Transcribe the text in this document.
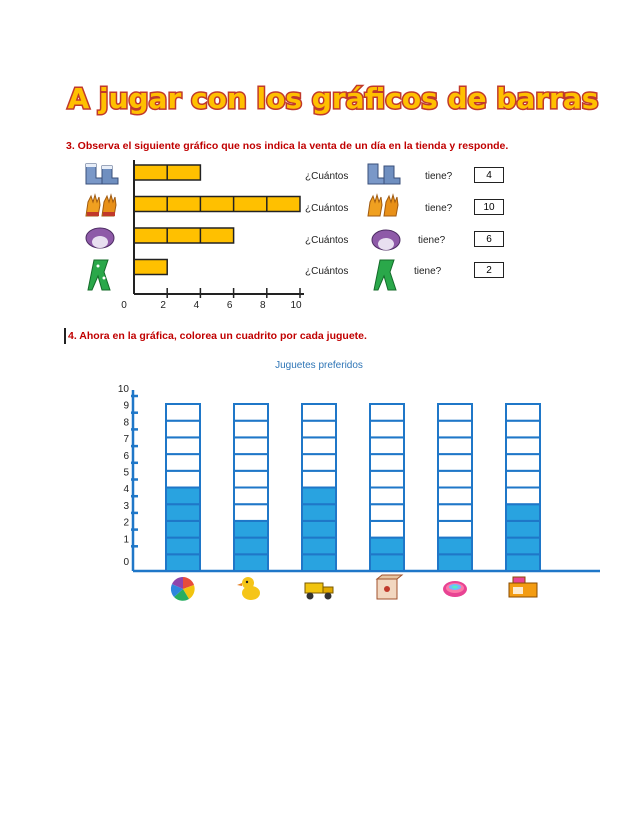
A jugar con los gráficos de barras
3. Observa el siguiente gráfico que nos indica la venta de un día en la tienda y responde.
0	2	4	6	8 10
¿Cuántos	tiene?	4
¿Cuántos	tiene?	10
¿Cuántos	tiene?	6
¿Cuántos	tiene?	2
4. Ahora en la gráfica, colorea un cuadrito por cada juguete.
Juguetes preferidos
0
1
2
3
4
5
6
7
8
9
10
